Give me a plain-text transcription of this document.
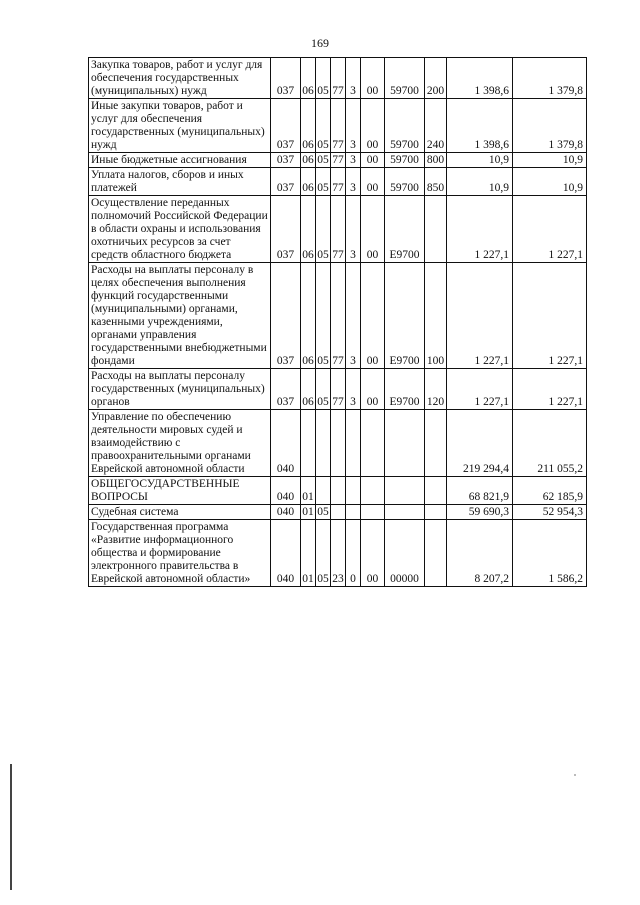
169
Закупка товаров, работ и услуг для обеспечения государственных (муниципальных) нужд	037	06	05	77	3	00	59700	200	1 398,6	1 379,8
Иные закупки товаров, работ и услуг для обеспечения государственных (муниципальных) нужд	037	06	05	77	3	00	59700	240	1 398,6	1 379,8
Иные бюджетные ассигнования	037	06	05	77	3	00	59700	800	10,9	10,9
Уплата налогов, сборов и иных платежей	037	06	05	77	3	00	59700	850	10,9	10,9
Осуществление переданных полномочий Российской Федерации в области охраны и использования охотничьих ресурсов за счет средств областного бюджета	037	06	05	77	3	00	Е9700		1 227,1	1 227,1
Расходы на выплаты персоналу в целях обеспечения выполнения функций государственными (муниципальными) органами, казенными учреждениями, органами управления государственными внебюджетными фондами	037	06	05	77	3	00	Е9700	100	1 227,1	1 227,1
Расходы на выплаты персоналу государственных (муниципальных) органов	037	06	05	77	3	00	Е9700	120	1 227,1	1 227,1
Управление по обеспечению деятельности мировых судей и взаимодействию с правоохранительными органами Еврейской автономной области	040								219 294,4	211 055,2
ОБЩЕГОСУДАРСТВЕННЫЕ ВОПРОСЫ	040	01							68 821,9	62 185,9
Судебная система	040	01	05						59 690,3	52 954,3
Государственная программа «Развитие информационного общества и формирование электронного правительства в Еврейской автономной области»	040	01	05	23	0	00	00000		8 207,2	1 586,2
